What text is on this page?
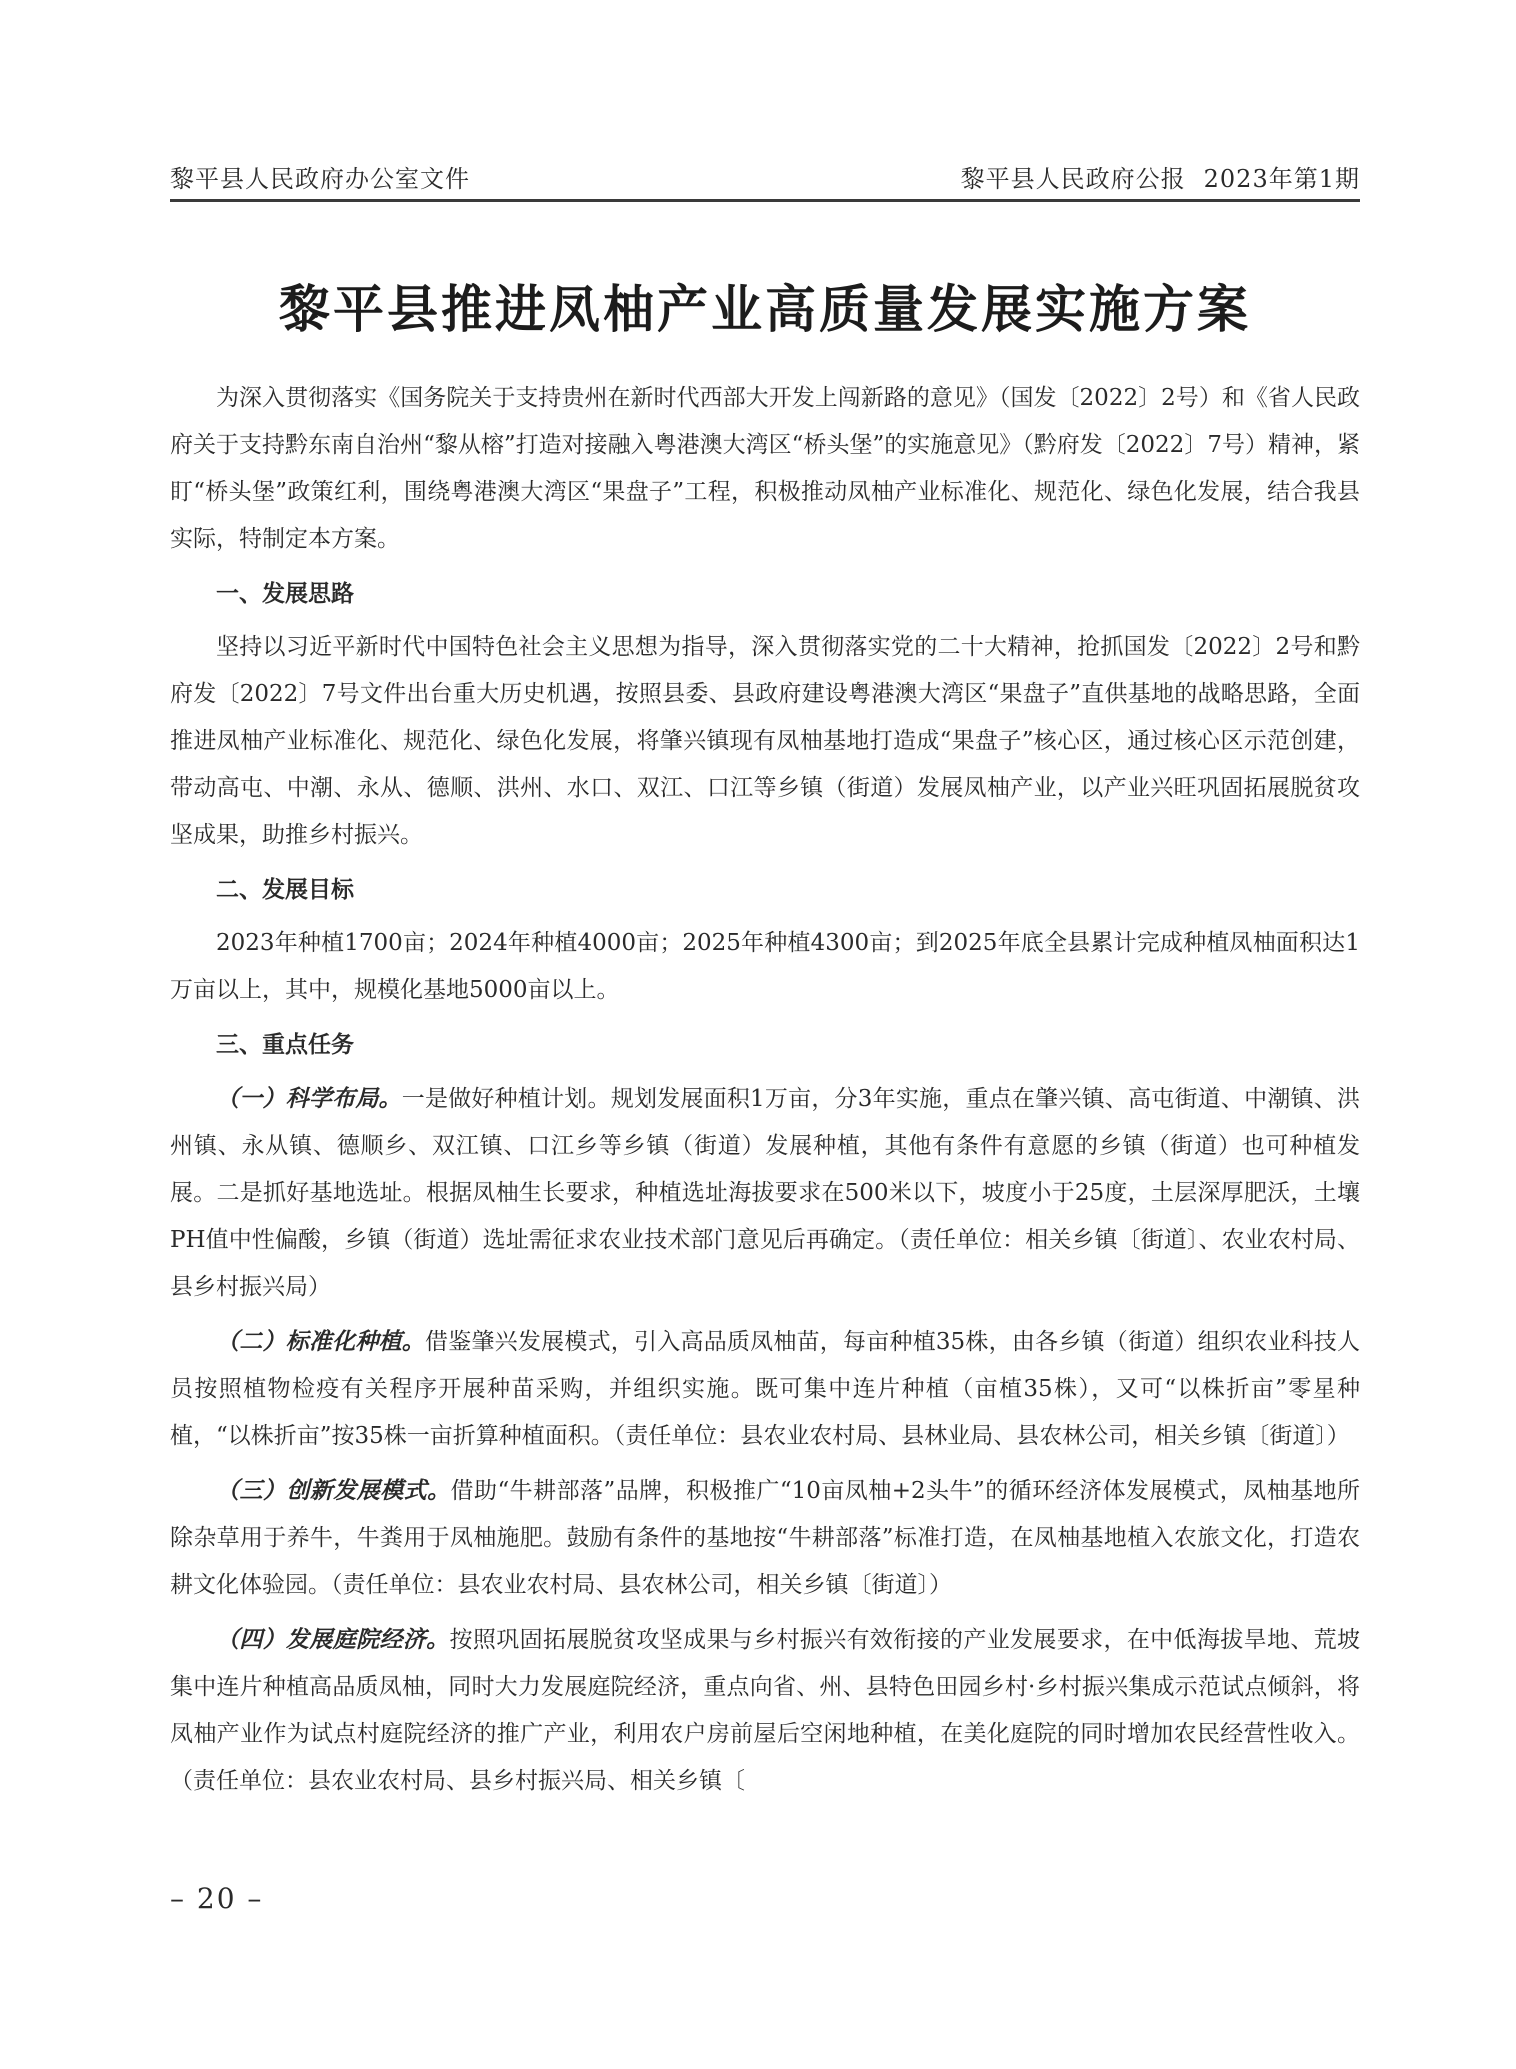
黎平县人民政府办公室文件	黎平县人民政府公报 2023年第1期
黎平县推进凤柚产业高质量发展实施方案

为深入贯彻落实《国务院关于支持贵州在新时代西部大开发上闯新路的意见》（国发〔2022〕2号）和《省人民政府关于支持黔东南自治州“黎从榕”打造对接融入粤港澳大湾区“桥头堡”的实施意见》（黔府发〔2022〕7号）精神，紧盯“桥头堡”政策红利，围绕粤港澳大湾区“果盘子”工程，积极推动凤柚产业标准化、规范化、绿色化发展，结合我县实际，特制定本方案。

一、发展思路

坚持以习近平新时代中国特色社会主义思想为指导，深入贯彻落实党的二十大精神，抢抓国发〔2022〕2号和黔府发〔2022〕7号文件出台重大历史机遇，按照县委、县政府建设粤港澳大湾区“果盘子”直供基地的战略思路，全面推进凤柚产业标准化、规范化、绿色化发展，将肇兴镇现有凤柚基地打造成“果盘子”核心区，通过核心区示范创建，带动高屯、中潮、永从、德顺、洪州、水口、双江、口江等乡镇（街道）发展凤柚产业，以产业兴旺巩固拓展脱贫攻坚成果，助推乡村振兴。

二、发展目标

2023年种植1700亩；2024年种植4000亩；2025年种植4300亩；到2025年底全县累计完成种植凤柚面积达1万亩以上，其中，规模化基地5000亩以上。

三、重点任务

（一）科学布局。一是做好种植计划。规划发展面积1万亩，分3年实施，重点在肇兴镇、高屯街道、中潮镇、洪州镇、永从镇、德顺乡、双江镇、口江乡等乡镇（街道）发展种植，其他有条件有意愿的乡镇（街道）也可种植发展。二是抓好基地选址。根据凤柚生长要求，种植选址海拔要求在500米以下，坡度小于25度，土层深厚肥沃，土壤PH值中性偏酸，乡镇（街道）选址需征求农业技术部门意见后再确定。（责任单位：相关乡镇〔街道〕、农业农村局、县乡村振兴局）

（二）标准化种植。借鉴肇兴发展模式，引入高品质凤柚苗，每亩种植35株，由各乡镇（街道）组织农业科技人员按照植物检疫有关程序开展种苗采购，并组织实施。既可集中连片种植（亩植35株），又可“以株折亩”零星种植，“以株折亩”按35株一亩折算种植面积。（责任单位：县农业农村局、县林业局、县农林公司，相关乡镇〔街道〕）

（三）创新发展模式。借助“牛耕部落”品牌，积极推广“10亩凤柚+2头牛”的循环经济体发展模式，凤柚基地所除杂草用于养牛，牛粪用于凤柚施肥。鼓励有条件的基地按“牛耕部落”标准打造，在凤柚基地植入农旅文化，打造农耕文化体验园。（责任单位：县农业农村局、县农林公司，相关乡镇〔街道〕）

（四）发展庭院经济。按照巩固拓展脱贫攻坚成果与乡村振兴有效衔接的产业发展要求，在中低海拔旱地、荒坡集中连片种植高品质凤柚，同时大力发展庭院经济，重点向省、州、县特色田园乡村·乡村振兴集成示范试点倾斜，将凤柚产业作为试点村庭院经济的推广产业，利用农户房前屋后空闲地种植，在美化庭院的同时增加农民经营性收入。（责任单位：县农业农村局、县乡村振兴局、相关乡镇〔

– 20 –
